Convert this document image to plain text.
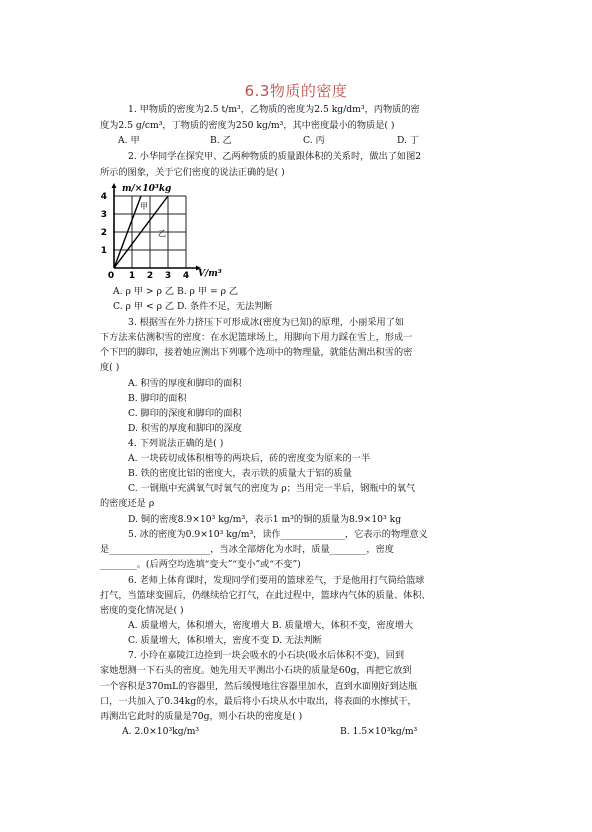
6.3物质的密度
1. 甲物质的密度为2.5 t/m³，乙物质的密度为2.5 kg/dm³，丙物质的密
度为2.5 g/cm³，丁物质的密度为250 kg/m³，其中密度最小的物质是( )
A. 甲	B. 乙	C. 丙	D. 丁
2. 小华同学在探究甲、乙两种物质的质量跟体积的关系时，做出了如图2
所示的图象，关于它们密度的说法正确的是( )
0 1 2 3 4
1
2
3
4
m/×10³kg
V/m³
甲
乙
A. ρ 甲 > ρ 乙 B. ρ 甲 = ρ 乙
C. ρ 甲 < ρ 乙 D. 条件不足，无法判断
3. 根据雪在外力挤压下可形成冰(密度为已知)的原理，小丽采用了如
下方法来估测积雪的密度：在水泥篮球场上，用脚向下用力踩在雪上，形成一
个下凹的脚印，接着她应测出下列哪个选项中的物理量，就能估测出积雪的密
度( )
A. 积雪的厚度和脚印的面积
B. 脚印的面积
C. 脚印的深度和脚印的面积
D. 积雪的厚度和脚印的深度
4. 下列说法正确的是( )
A. 一块砖切成体积相等的两块后，砖的密度变为原来的一半
B. 铁的密度比铝的密度大，表示铁的质量大于铝的质量
C. 一钢瓶中充满氧气时氧气的密度为 ρ；当用完一半后，钢瓶中的氧气
的密度还是 ρ
D. 铜的密度8.9×10³ kg/m³，表示1 m³的铜的质量为8.9×10³ kg
5. 冰的密度为0.9×10³ kg/m³，读作______________，它表示的物理意义
是______________________，当冰全部熔化为水时，质量________，密度
________。(后两空均选填“变大”“变小”或“不变”)
6. 老师上体育课时，发现同学们要用的篮球差气，于是他用打气筒给篮球
打气，当篮球变圆后，仍继续给它打气，在此过程中，篮球内气体的质量、体积、
密度的变化情况是( )
A. 质量增大，体积增大，密度增大 B. 质量增大，体积不变，密度增大
C. 质量增大，体积增大，密度不变 D. 无法判断
7. 小玲在嘉陵江边捡到一块会吸水的小石块(吸水后体积不变)，回到
家她想测一下石头的密度。她先用天平测出小石块的质量是60g，再把它放到
一个容积是370mL的容器里，然后缓慢地往容器里加水，直到水面刚好到达瓶
口，一共加入了0.34kg的水，最后将小石块从水中取出，将表面的水擦拭干，
再测出它此时的质量是70g，则小石块的密度是( )
A. 2.0×10³kg/m³	B. 1.5×10³kg/m³
